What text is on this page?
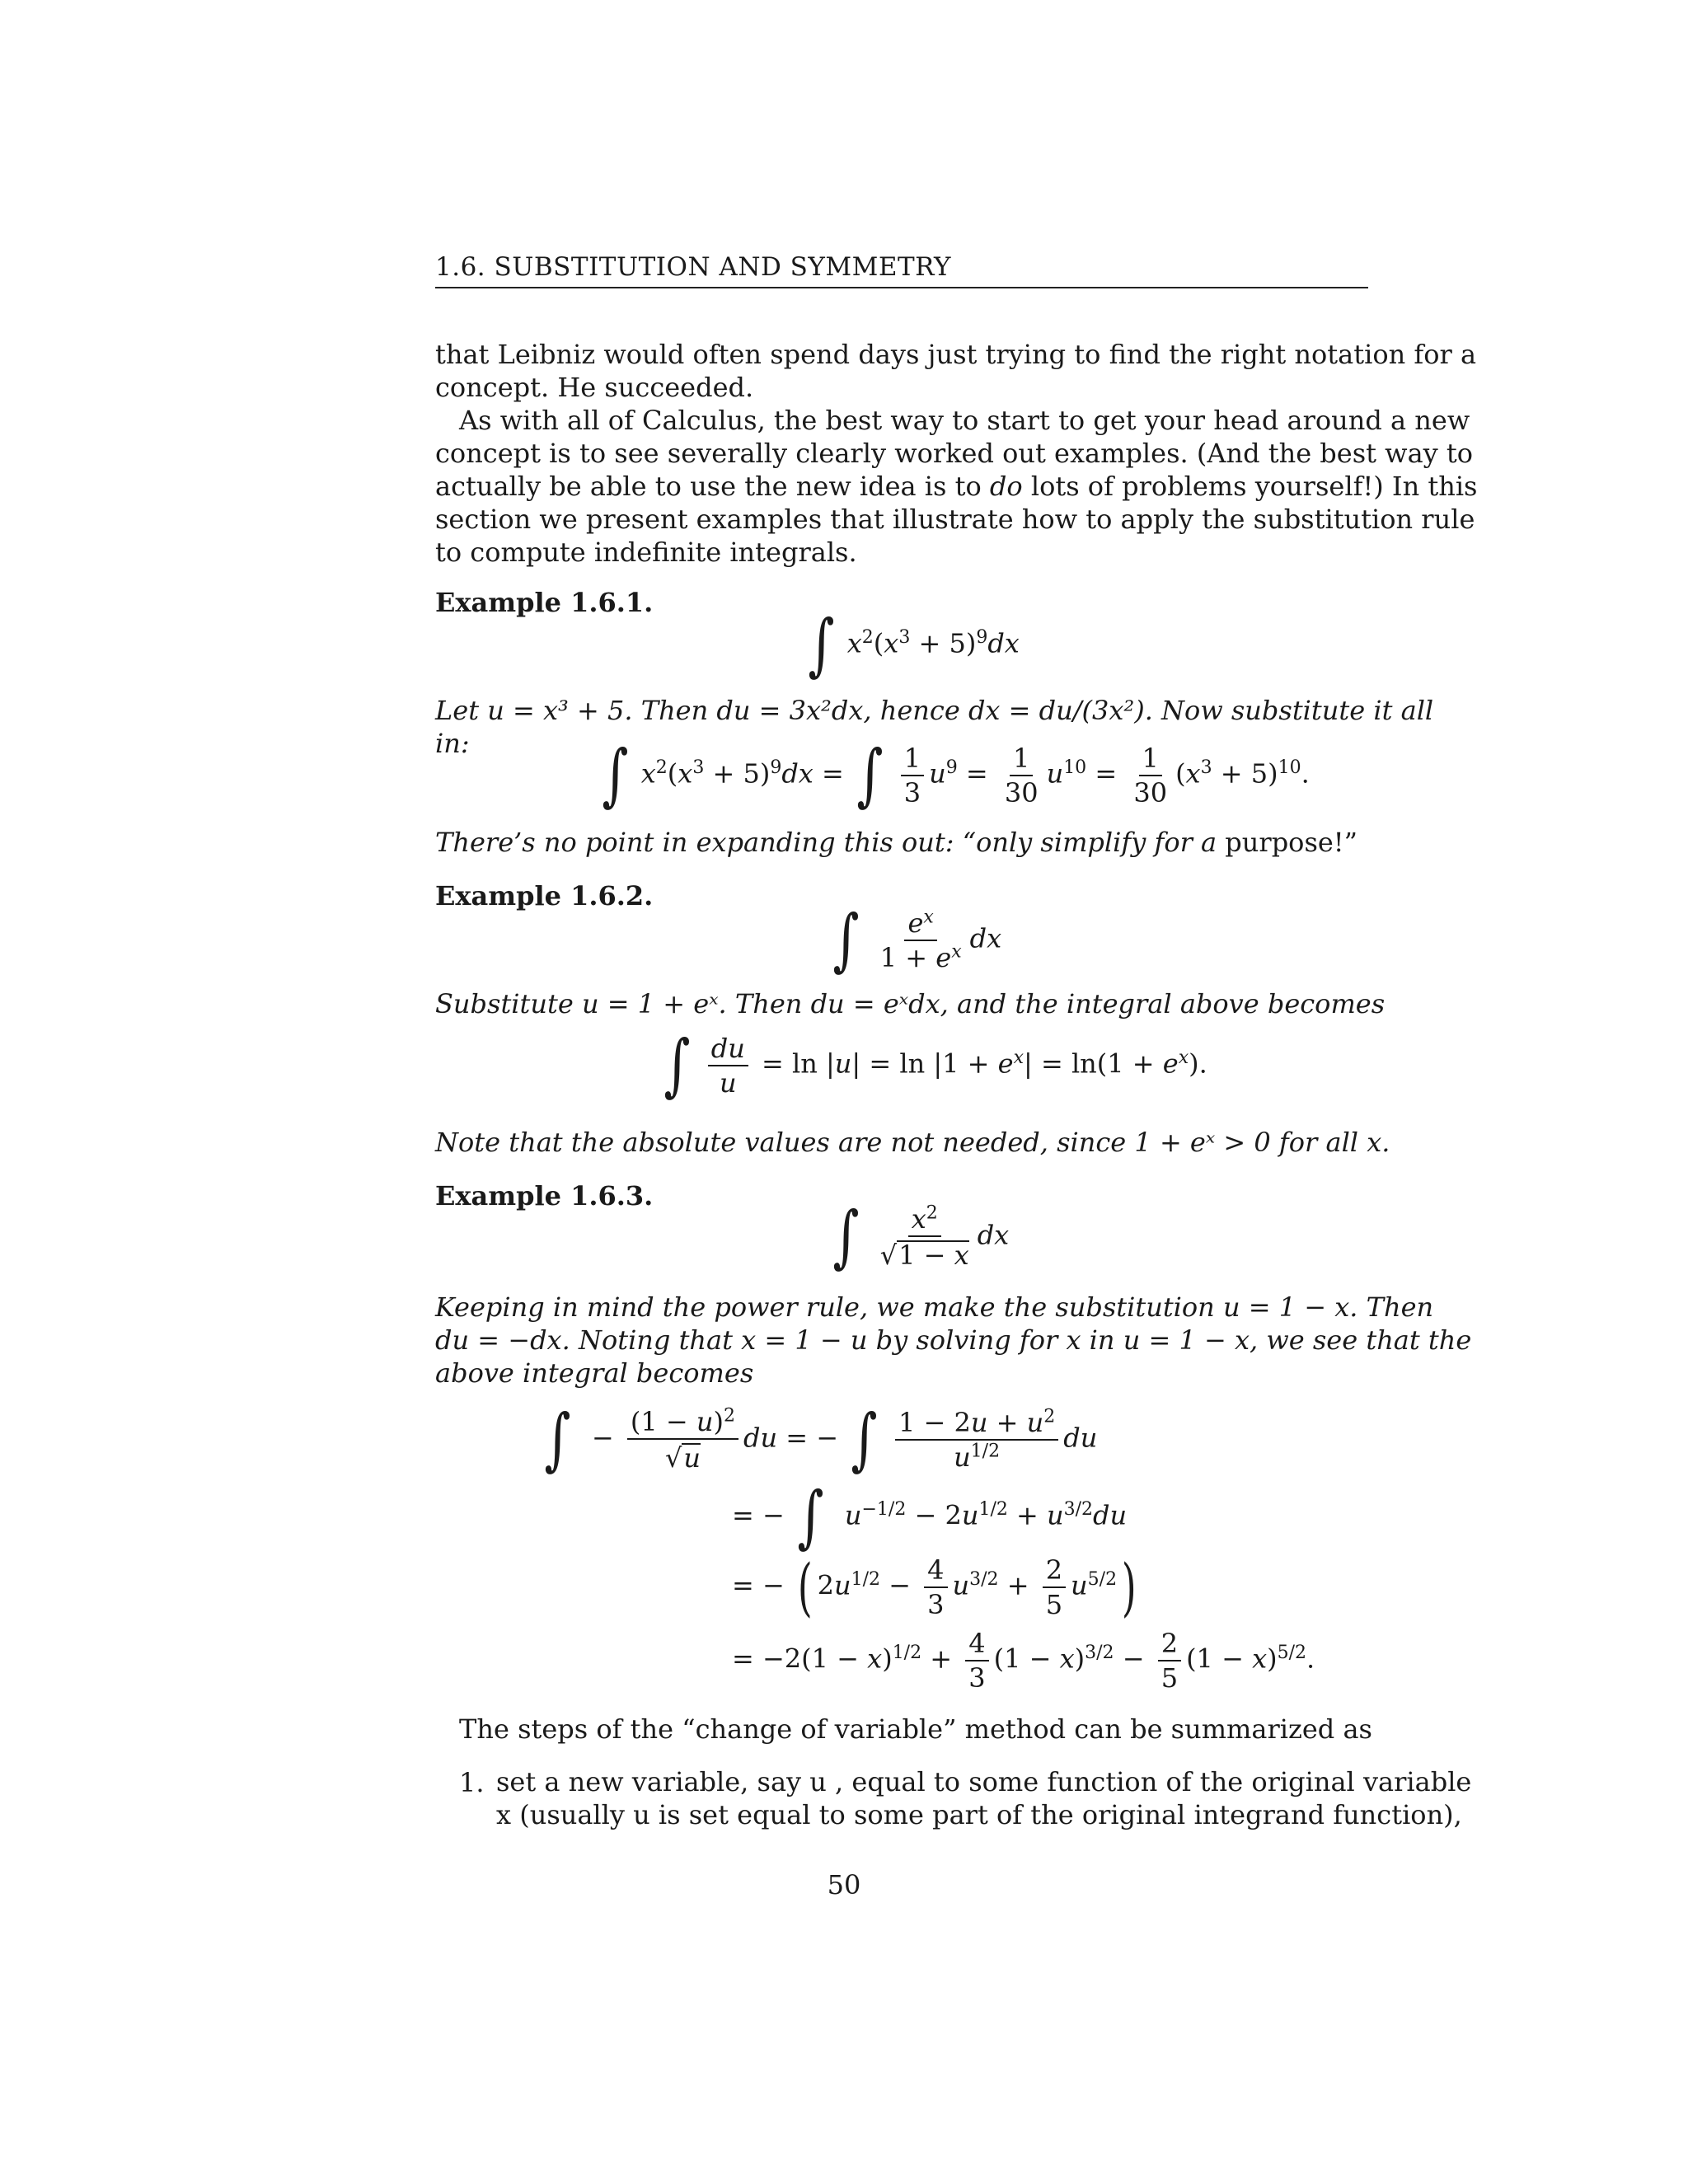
1.6. SUBSTITUTION AND SYMMETRY
that Leibniz would often spend days just trying to find the right notation for a
concept. He succeeded.
As with all of Calculus, the best way to start to get your head around a new
concept is to see severally clearly worked out examples. (And the best way to
actually be able to use the new idea is to do lots of problems yourself!) In this
section we present examples that illustrate how to apply the substitution rule
to compute indefinite integrals.
Example 1.6.1.
∫ $x^2(x^3 + 5)^9dx$
Let u = x³ + 5. Then du = 3x²dx, hence dx = du/(3x²). Now substitute it all
in: ∫ $x^2(x^3 + 5)^9dx$ = ∫ $\frac{1}{3} u^9 = \frac{1}{30} u^{10} = \frac{1}{30} (x^3 + 5)^{10}$.
There’s no point in expanding this out: “only simplify for a purpose!”
Example 1.6.2.
∫ $\frac{e^x}{1 + e^x}$ dx
Substitute u = 1 + eˣ. Then du = eˣdx, and the integral above becomes
∫ $\frac{du}{u} = \ln |u| = \ln |1 + e^x| = \ln(1 + e^x)$.
Note that the absolute values are not needed, since 1 + eˣ > 0 for all x.
Example 1.6.3.
∫ $\frac{x^2}{√1 - x}$ dx
Keeping in mind the power rule, we make the substitution u = 1 − x. Then
du = −dx. Noting that x = 1 − u by solving for x in u = 1 − x, we see that the
above integral becomes
∫ − $\frac{(1 - u)^2}{√u}$ du = − ∫ $\frac{1 - 2u + u^2}{u^{1/2}}$ du
= − ∫ $u^{-1/2} - 2u^{1/2} + u^{3/2}du$
= − ( $2u^{1/2} - \frac{4}{3} u^{3/2} + \frac{2}{5} u^{5/2}$)
= $-2(1 - x)^{1/2} + \frac{4}{3} (1 - x)^{3/2} - \frac{2}{5} (1 - x)^{5/2}$.
The steps of the “change of variable” method can be summarized as
1. set a new variable, say u , equal to some function of the original variable
x (usually u is set equal to some part of the original integrand function),
50
